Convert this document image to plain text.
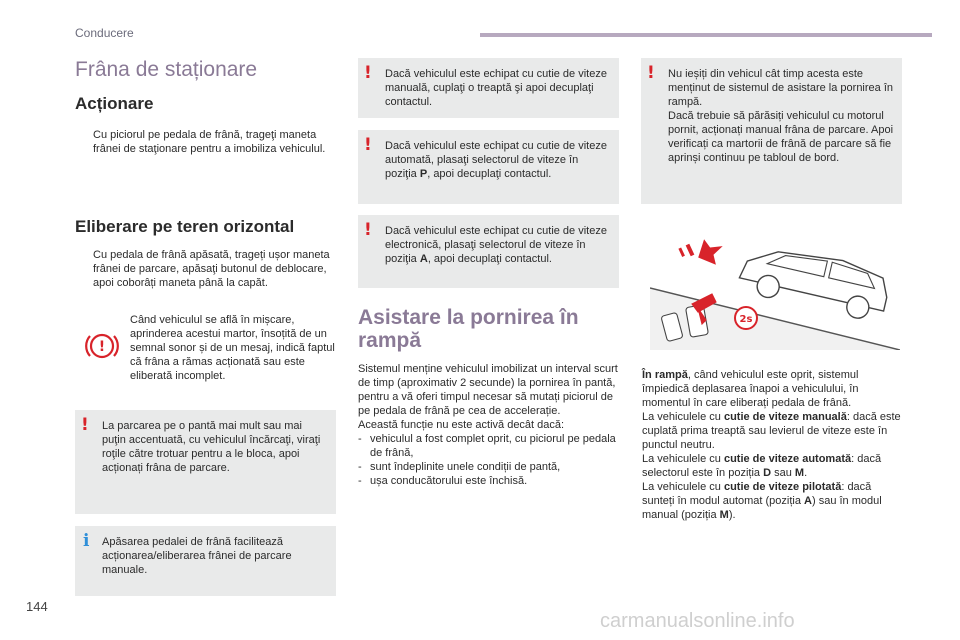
Conducere
Frâna de staționare
Acționare
Cu piciorul pe pedala de frână, trageţi maneta frânei de staţionare pentru a imobiliza vehiculul.
Eliberare pe teren orizontal
Cu pedala de frână apăsată, trageți ușor maneta frânei de parcare, apăsaţi butonul de deblocare, apoi coborâți maneta până la capăt.
!
Când vehiculul se află în mișcare, aprinderea acestui martor, însoțită de un semnal sonor și de un mesaj, indică faptul că frâna a rămas acționată sau este eliberată incomplet.
! La parcarea pe o pantă mai mult sau mai puţin accentuată, cu vehiculul încărcaţi, viraţi roţile către trotuar pentru a le bloca, apoi acționați frâna de parcare.
i Apăsarea pedalei de frână facilitează acționarea/eliberarea frânei de parcare manuale.
! Dacă vehiculul este echipat cu cutie de viteze manuală, cuplaţi o treaptă şi apoi decuplaţi contactul.
! Dacă vehiculul este echipat cu cutie de viteze automată, plasaţi selectorul de viteze în poziţia P, apoi decuplaţi contactul.
! Dacă vehiculul este echipat cu cutie de viteze electronică, plasaţi selectorul de viteze în poziţia A, apoi decuplaţi contactul.
! Nu ieșiți din vehicul cât timp acesta este menținut de sistemul de asistare la pornirea în rampă.
Dacă trebuie să părăsiți vehiculul cu motorul pornit, acționați manual frâna de parcare. Apoi verificați ca martorii de frână de parcare să fie aprinși continuu pe tabloul de bord.
Asistare la pornirea în rampă
Sistemul menține vehiculul imobilizat un interval scurt de timp (aproximativ 2 secunde) la pornirea în pantă, pentru a vă oferi timpul necesar să mutați piciorul de pe pedala de frână pe cea de accelerație.
Această funcție nu este activă decât dacă:
- vehiculul a fost complet oprit, cu piciorul pe pedala de frână,
- sunt îndeplinite unele condiții de pantă,
- ușa conducătorului este închisă.
2s
În rampă, când vehiculul este oprit, sistemul împiedică deplasarea înapoi a vehiculului, în momentul în care eliberați pedala de frână.
La vehiculele cu cutie de viteze manuală: dacă este cuplată prima treaptă sau levierul de viteze este în punctul neutru.
La vehiculele cu cutie de viteze automată: dacă selectorul este în poziția D sau M.
La vehiculele cu cutie de viteze pilotată: dacă sunteți în modul automat (poziția A) sau în modul manual (poziția M).
144
carmanualsonline.info
